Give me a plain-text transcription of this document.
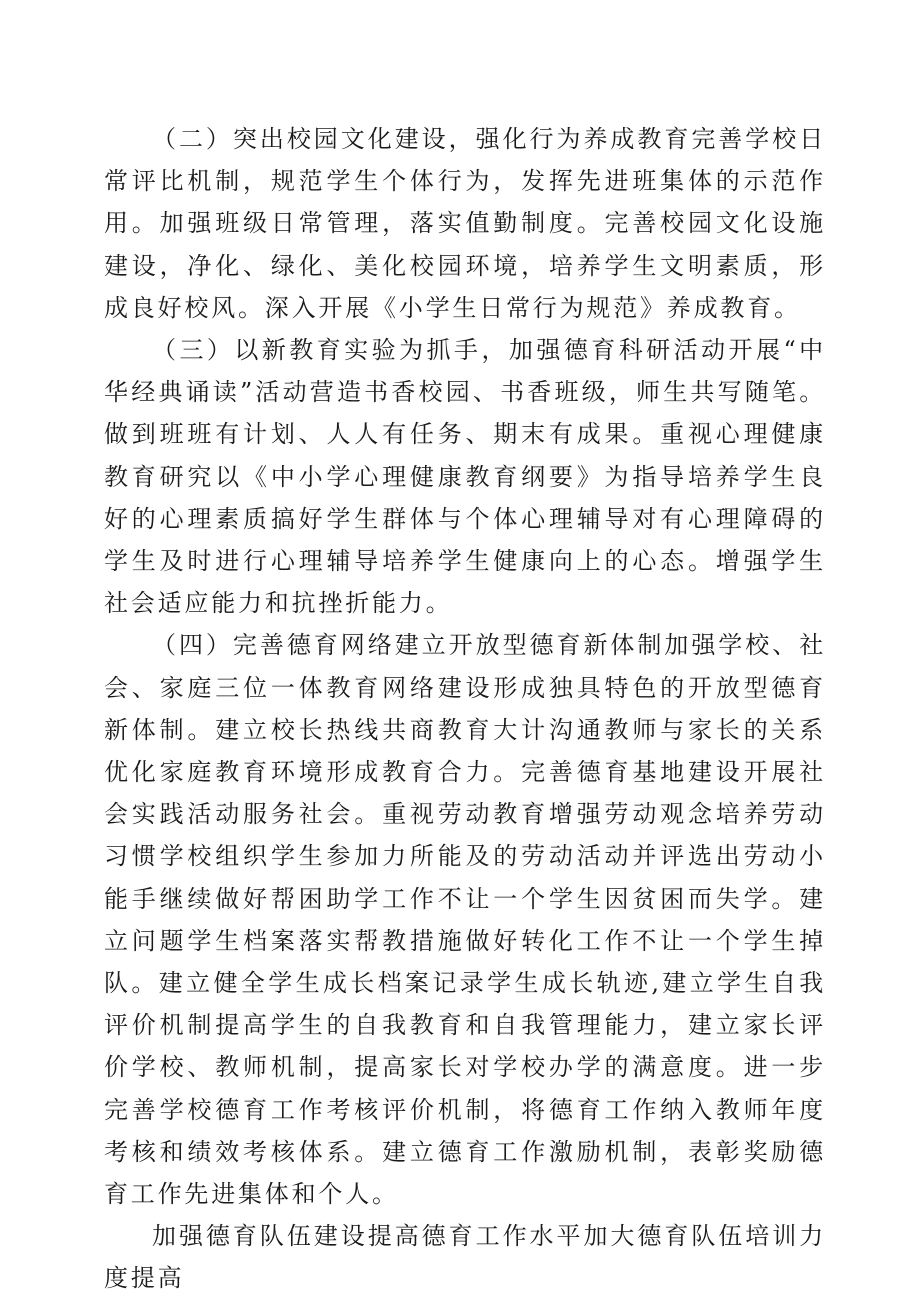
（二）突出校园文化建设，强化行为养成教育完善学校日常评比机制，规范学生个体行为，发挥先进班集体的示范作用。加强班级日常管理，落实值勤制度。完善校园文化设施建设，净化、绿化、美化校园环境，培养学生文明素质，形成良好校风。深入开展《小学生日常行为规范》养成教育。

（三）以新教育实验为抓手，加强德育科研活动开展“中华经典诵读”活动营造书香校园、书香班级，师生共写随笔。做到班班有计划、人人有任务、期末有成果。重视心理健康教育研究以《中小学心理健康教育纲要》为指导培养学生良好的心理素质搞好学生群体与个体心理辅导对有心理障碍的学生及时进行心理辅导培养学生健康向上的心态。增强学生社会适应能力和抗挫折能力。

（四）完善德育网络建立开放型德育新体制加强学校、社会、家庭三位一体教育网络建设形成独具特色的开放型德育新体制。建立校长热线共商教育大计沟通教师与家长的关系优化家庭教育环境形成教育合力。完善德育基地建设开展社会实践活动服务社会。重视劳动教育增强劳动观念培养劳动习惯学校组织学生参加力所能及的劳动活动并评选出劳动小能手继续做好帮困助学工作不让一个学生因贫困而失学。建立问题学生档案落实帮教措施做好转化工作不让一个学生掉队。建立健全学生成长档案记录学生成长轨迹,建立学生自我评价机制提高学生的自我教育和自我管理能力，建立家长评价学校、教师机制，提高家长对学校办学的满意度。进一步完善学校德育工作考核评价机制，将德育工作纳入教师年度考核和绩效考核体系。建立德育工作激励机制，表彰奖励德育工作先进集体和个人。

加强德育队伍建设提高德育工作水平加大德育队伍培训力度提高
